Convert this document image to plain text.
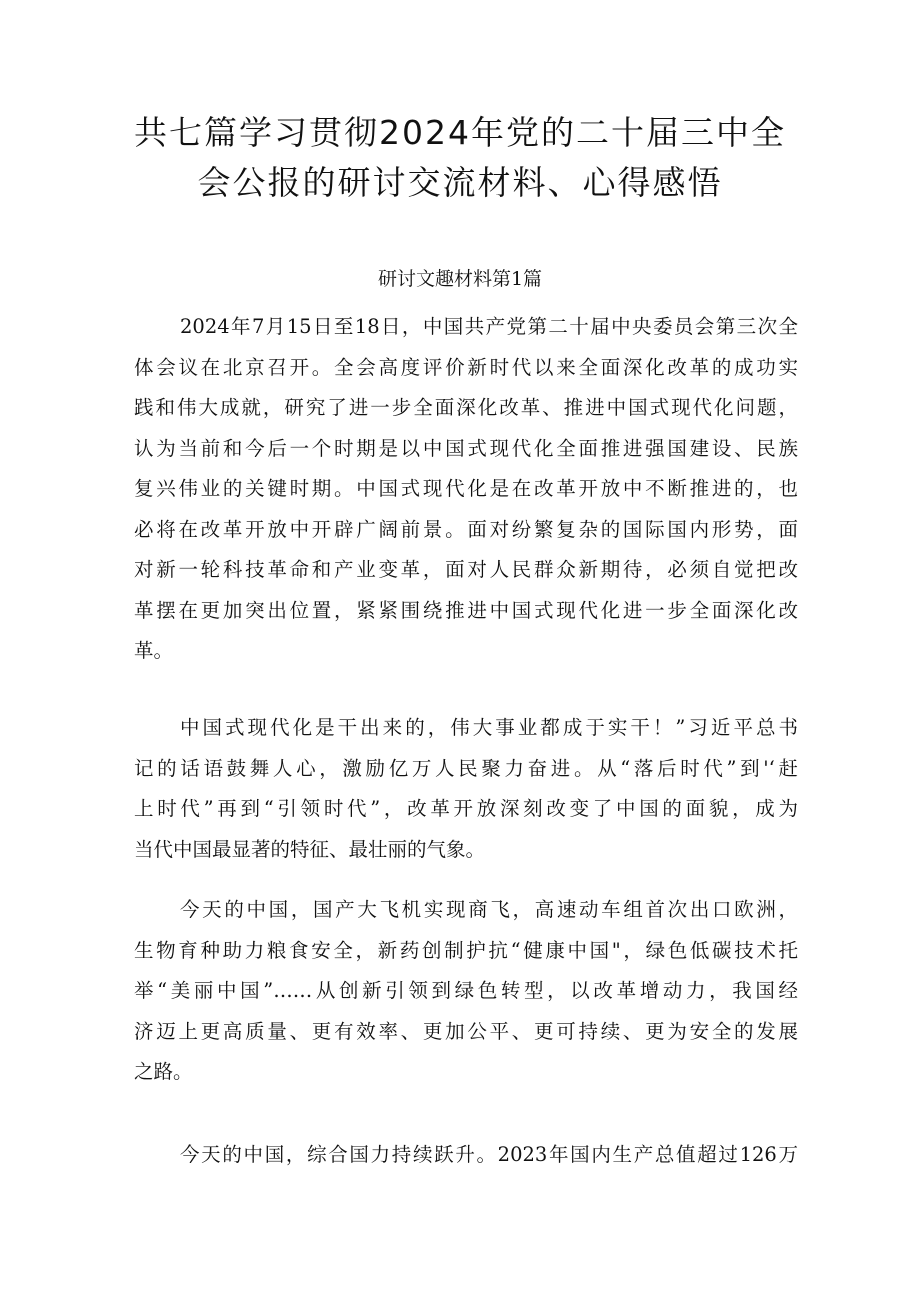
共七篇学习贯彻2024年党的二十届三中全
会公报的研讨交流材料、心得感悟

研讨文趣材料第1篇

2024年7月15日至18日，中国共产党第二十届中央委员会第三次全
体会议在北京召开。全会高度评价新时代以来全面深化改革的成功实
践和伟大成就，研究了进一步全面深化改革、推进中国式现代化问题，
认为当前和今后一个时期是以中国式现代化全面推进强国建设、民族
复兴伟业的关键时期。中国式现代化是在改革开放中不断推进的，也
必将在改革开放中开辟广阔前景。面对纷繁复杂的国际国内形势，面
对新一轮科技革命和产业变革，面对人民群众新期待，必须自觉把改
革摆在更加突出位置，紧紧围绕推进中国式现代化进一步全面深化改
革。

中国式现代化是干出来的，伟大事业都成于实干！”习近平总书
记的话语鼓舞人心，激励亿万人民聚力奋进。从“落后时代”到'‘赶
上时代”再到“引领时代”，改革开放深刻改变了中国的面貌，成为
当代中国最显著的特征、最壮丽的气象。

今天的中国，国产大飞机实现商飞，高速动车组首次出口欧洲，
生物育种助力粮食安全，新药创制护抗“健康中国"，绿色低碳技术托
举“美丽中国”……从创新引领到绿色转型，以改革增动力，我国经
济迈上更高质量、更有效率、更加公平、更可持续、更为安全的发展
之路。

今天的中国，综合国力持续跃升。2023年国内生产总值超过126万
